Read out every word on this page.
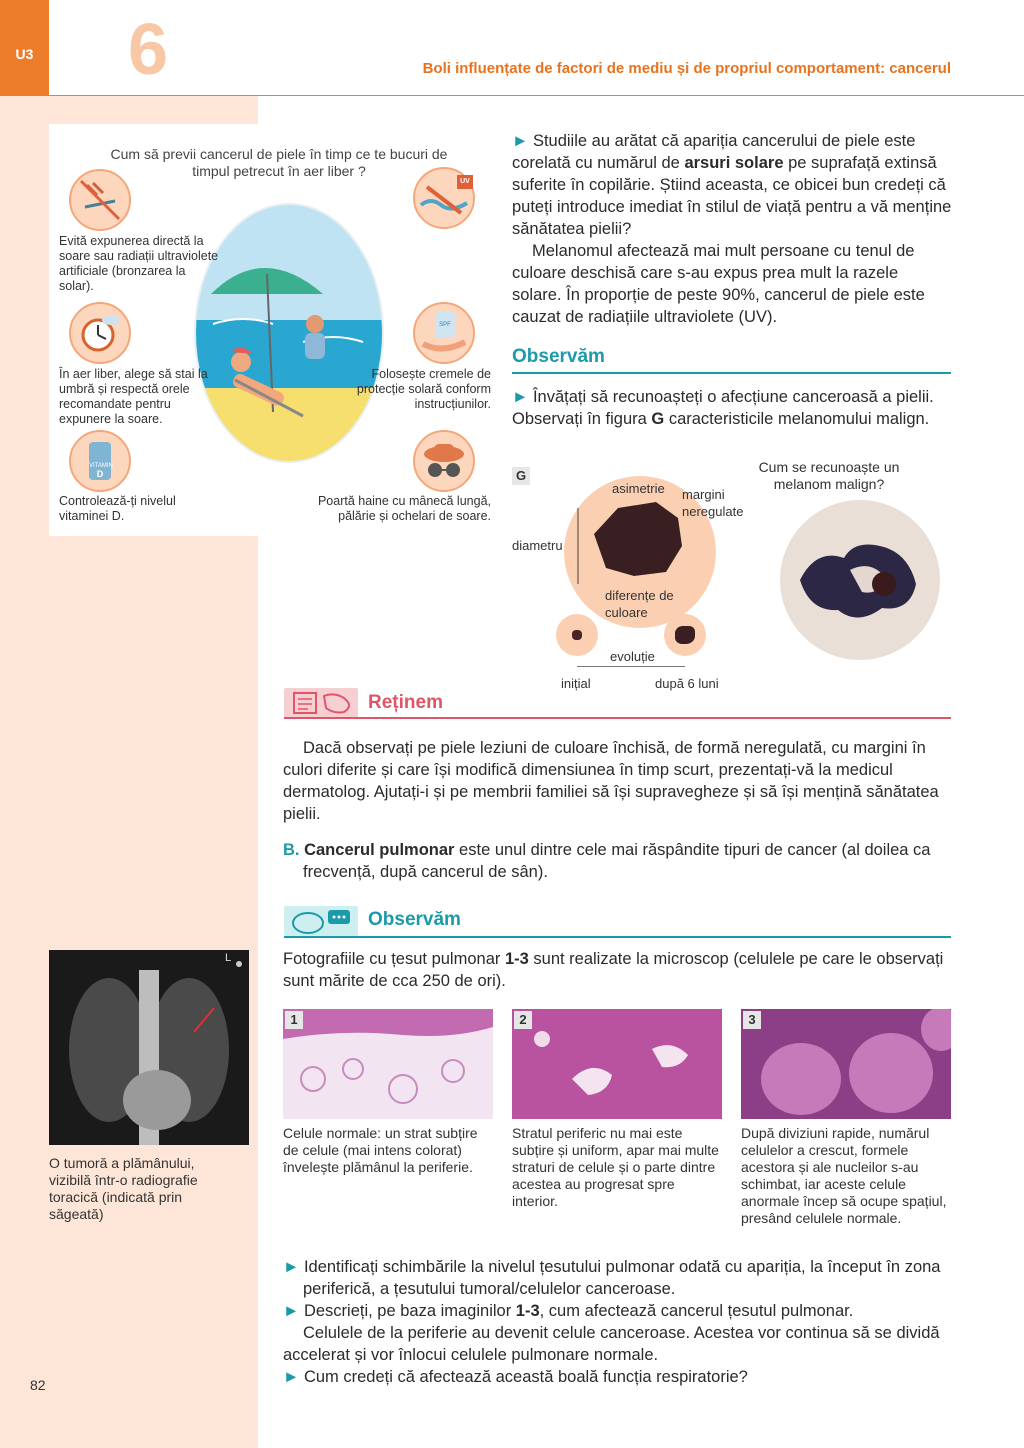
U3 6	Boli influențate de factori de mediu și de propriul comportament: cancerul
Cum să previi cancerul de piele în timp ce te bucuri de timpul petrecut în aer liber ?
Evită expunerea directă la soare sau radiații ultraviolete artificiale (bronzarea la solar).
În aer liber, alege să stai la umbră și respectă orele recomandate pentru expunere la soare.
VITAMIN
D
Controlează-ți nivelul vitaminei D.
UV
SPF
Folosește cremele de protecție solară conform instrucțiunilor.
Poartă haine cu mânecă lungă, pălărie și ochelari de soare.
► Studiile au arătat că apariția cancerului de piele este corelată cu numărul de arsuri solare pe suprafață extinsă suferite în copilărie. Știind aceasta, ce obicei bun credeți că puteți introduce imediat în stilul de viață pentru a vă menține sănătatea pielii?
Melanomul afectează mai mult persoane cu tenul de culoare deschisă care s-au expus prea mult la razele solare. În proporție de peste 90%, cancerul de piele este cauzat de radiațiile ultraviolete (UV).
Observăm
► Învățați să recunoașteți o afecțiune canceroasă a pielii. Observați în figura G caracteristicile melanomului malign.
G
asimetrie margini neregulate
diametru
diferențe de culoare
evoluție
inițial	după 6 luni
Cum se recunoaște un melanom malign?
Reținem
Dacă observați pe piele leziuni de culoare închisă, de formă neregulată, cu margini în culori diferite și care își modifică dimensiunea în timp scurt, prezentați-vă la medicul dermatolog. Ajutați-i și pe membrii familiei să își supravegheze și să își mențină sănătatea pielii.
B. Cancerul pulmonar este unul dintre cele mai răspândite tipuri de cancer (al doilea ca frecvență, după cancerul de sân).
Observăm
Fotografiile cu țesut pulmonar 1-3 sunt realizate la microscop (celulele pe care le observați sunt mărite de cca 250 de ori).
L
O tumoră a plămânului, vizibilă într-o radiografie toracică (indicată prin săgeată)
1
Celule normale: un strat subțire de celule (mai intens colorat) învelește plămânul la periferie.
2
Stratul periferic nu mai este subțire și uniform, apar mai multe straturi de celule și o parte dintre acestea au progresat spre interior.
3
După diviziuni rapide, numărul celulelor a crescut, formele acestora și ale nucleilor s-au schimbat, iar aceste celule anormale încep să ocupe spațiul, presând celulele normale.
► Identificați schimbările la nivelul țesutului pulmonar odată cu apariția, la început în zona periferică, a țesutului tumoral/celulelor canceroase.
► Descrieți, pe baza imaginilor 1-3, cum afectează cancerul țesutul pulmonar.
Celulele de la periferie au devenit celule canceroase. Acestea vor continua să se dividă accelerat și vor înlocui celulele pulmonare normale.
► Cum credeți că afectează această boală funcția respiratorie?
82
